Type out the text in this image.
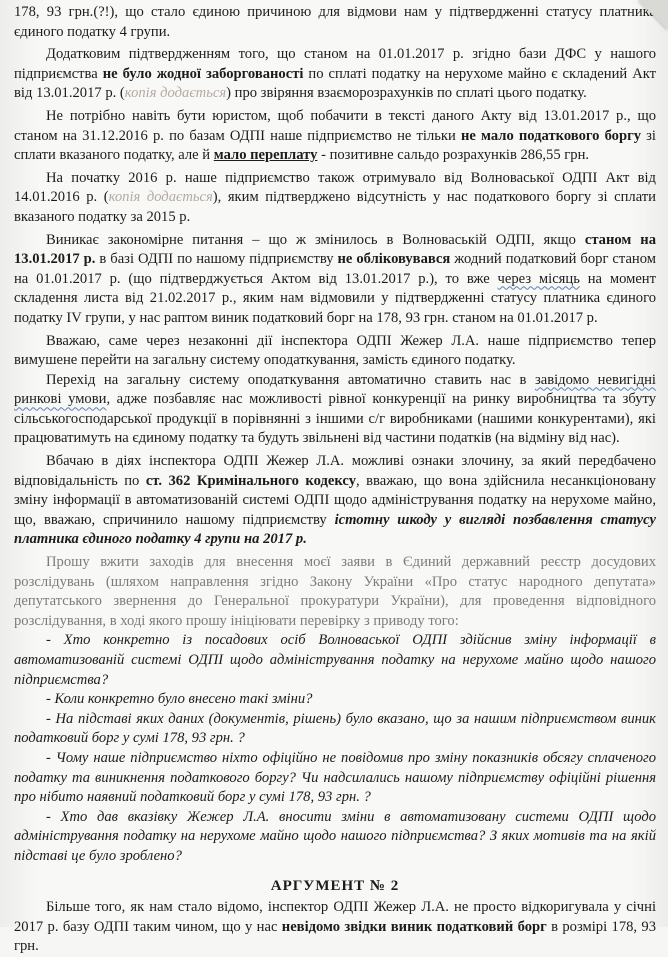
178, 93 грн.(?!), що стало єдиною причиною для відмови нам у підтвердженні статусу платника єдиного податку 4 групи.

Додатковим підтвердженням того, що станом на 01.01.2017 р. згідно бази ДФС у нашого підприємства не було жодної заборгованості по сплаті податку на нерухоме майно є складений Акт від 13.01.2017 р. (копія додається) про звіряння взаєморозрахунків по сплаті цього податку.

Не потрібно навіть бути юристом, щоб побачити в тексті даного Акту від 13.01.2017 р., що станом на 31.12.2016 р. по базам ОДПІ наше підприємство не тільки не мало податкового боргу зі сплати вказаного податку, але й мало переплату - позитивне сальдо розрахунків 286,55 грн.

На початку 2016 р. наше підприємство також отримувало від Волноваської ОДПІ Акт від 14.01.2016 р. (копія додається), яким підтверджено відсутність у нас податкового боргу зі сплати вказаного податку за 2015 р.

Виникає закономірне питання – що ж змінилось в Волноваській ОДПІ, якщо станом на 13.01.2017 р. в базі ОДПІ по нашому підприємству не обліковувався жодний податковий борг станом на 01.01.2017 р. (що підтверджується Актом від 13.01.2017 р.), то вже через місяць на момент складення листа від 21.02.2017 р., яким нам відмовили у підтвердженні статусу платника єдиного податку IV групи, у нас раптом виник податковий борг на 178, 93 грн. станом на 01.01.2017 р.

Вважаю, саме через незаконні дії інспектора ОДПІ Жежер Л.А. наше підприємство тепер вимушене перейти на загальну систему оподаткування, замість єдиного податку.

Перехід на загальну систему оподаткування автоматично ставить нас в завідомо невигідні ринкові умови, адже позбавляє нас можливості рівної конкуренції на ринку виробництва та збуту сільськогосподарської продукції в порівнянні з іншими с/г виробниками (нашими конкурентами), які працюватимуть на єдиному податку та будуть звільнені від частини податків (на відміну від нас).

Вбачаю в діях інспектора ОДПІ Жежер Л.А. можливі ознаки злочину, за який передбачено відповідальність по ст. 362 Кримінального кодексу, вважаю, що вона здійснила несанкціоновану зміну інформації в автоматизованій системі ОДПІ щодо адміністрування податку на нерухоме майно, що, вважаю, спричинило нашому підприємству істотну шкоду у вигляді позбавлення статусу платника єдиного податку 4 групи на 2017 р.

Прошу вжити заходів для внесення моєї заяви в Єдиний державний реєстр досудових розслідувань (шляхом направлення згідно Закону України «Про статус народного депутата» депутатського звернення до Генеральної прокуратури України), для проведення відповідного розслідування, в ході якого прошу ініціювати перевірку з приводу того:

- Хто конкретно із посадових осіб Волноваської ОДПІ здійснив зміну інформації в автоматизованій системі ОДПІ щодо адміністрування податку на нерухоме майно щодо нашого підприємства?

- Коли конкретно було внесено такі зміни?

- На підставі яких даних (документів, рішень) було вказано, що за нашим підприємством виник податковий борг у сумі 178, 93 грн. ?

- Чому наше підприємство ніхто офіційно не повідомив про зміну показників обсягу сплаченого податку та виникнення податкового боргу? Чи надсилались нашому підприємству офіційні рішення про нібито наявний податковий борг у сумі 178, 93 грн. ?

- Хто дав вказівку Жежер Л.А. вносити зміни в автоматизовану системи ОДПІ щодо адміністрування податку на нерухоме майно щодо нашого підприємства? З яких мотивів та на якій підставі це було зроблено?

АРГУМЕНТ № 2

Більше того, як нам стало відомо, інспектор ОДПІ Жежер Л.А. не просто відкоригувала у січні 2017 р. базу ОДПІ таким чином, що у нас невідомо звідки виник податковий борг в розмірі 178, 93 грн.
